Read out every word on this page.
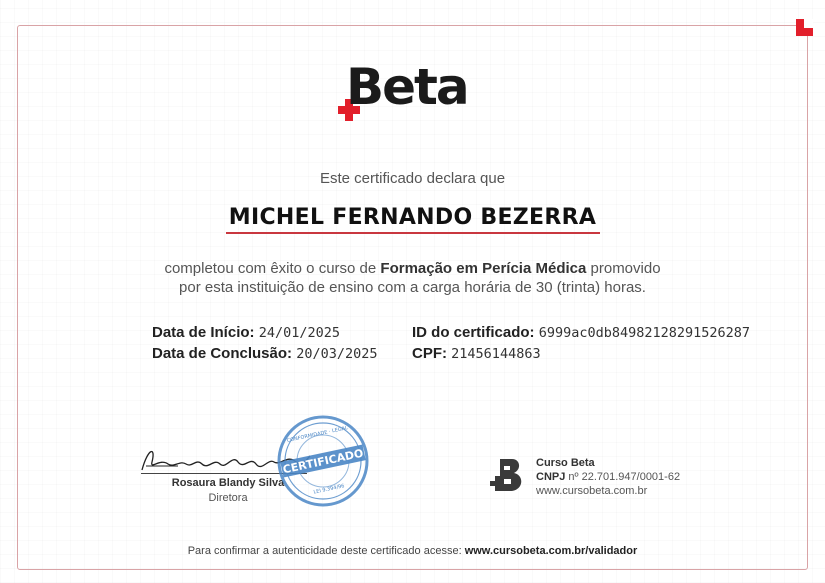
Beta
Este certificado declara que
MICHEL FERNANDO BEZERRA
completou com êxito o curso de Formação em Perícia Médica promovido
por esta instituição de ensino com a carga horária de 30 (trinta) horas.
Data de Início: 24/01/2025
Data de Conclusão: 20/03/2025
ID do certificado: 6999ac0db84982128291526287
CPF: 21456144863
Rosaura Blandy Silva
Diretora
CERTIFICADO
CONFORMIDADE · LEGAL
LEI 9.394/96
Curso Beta
CNPJ nº 22.701.947/0001-62
www.cursobeta.com.br
Para confirmar a autenticidade deste certificado acesse: www.cursobeta.com.br/validador
